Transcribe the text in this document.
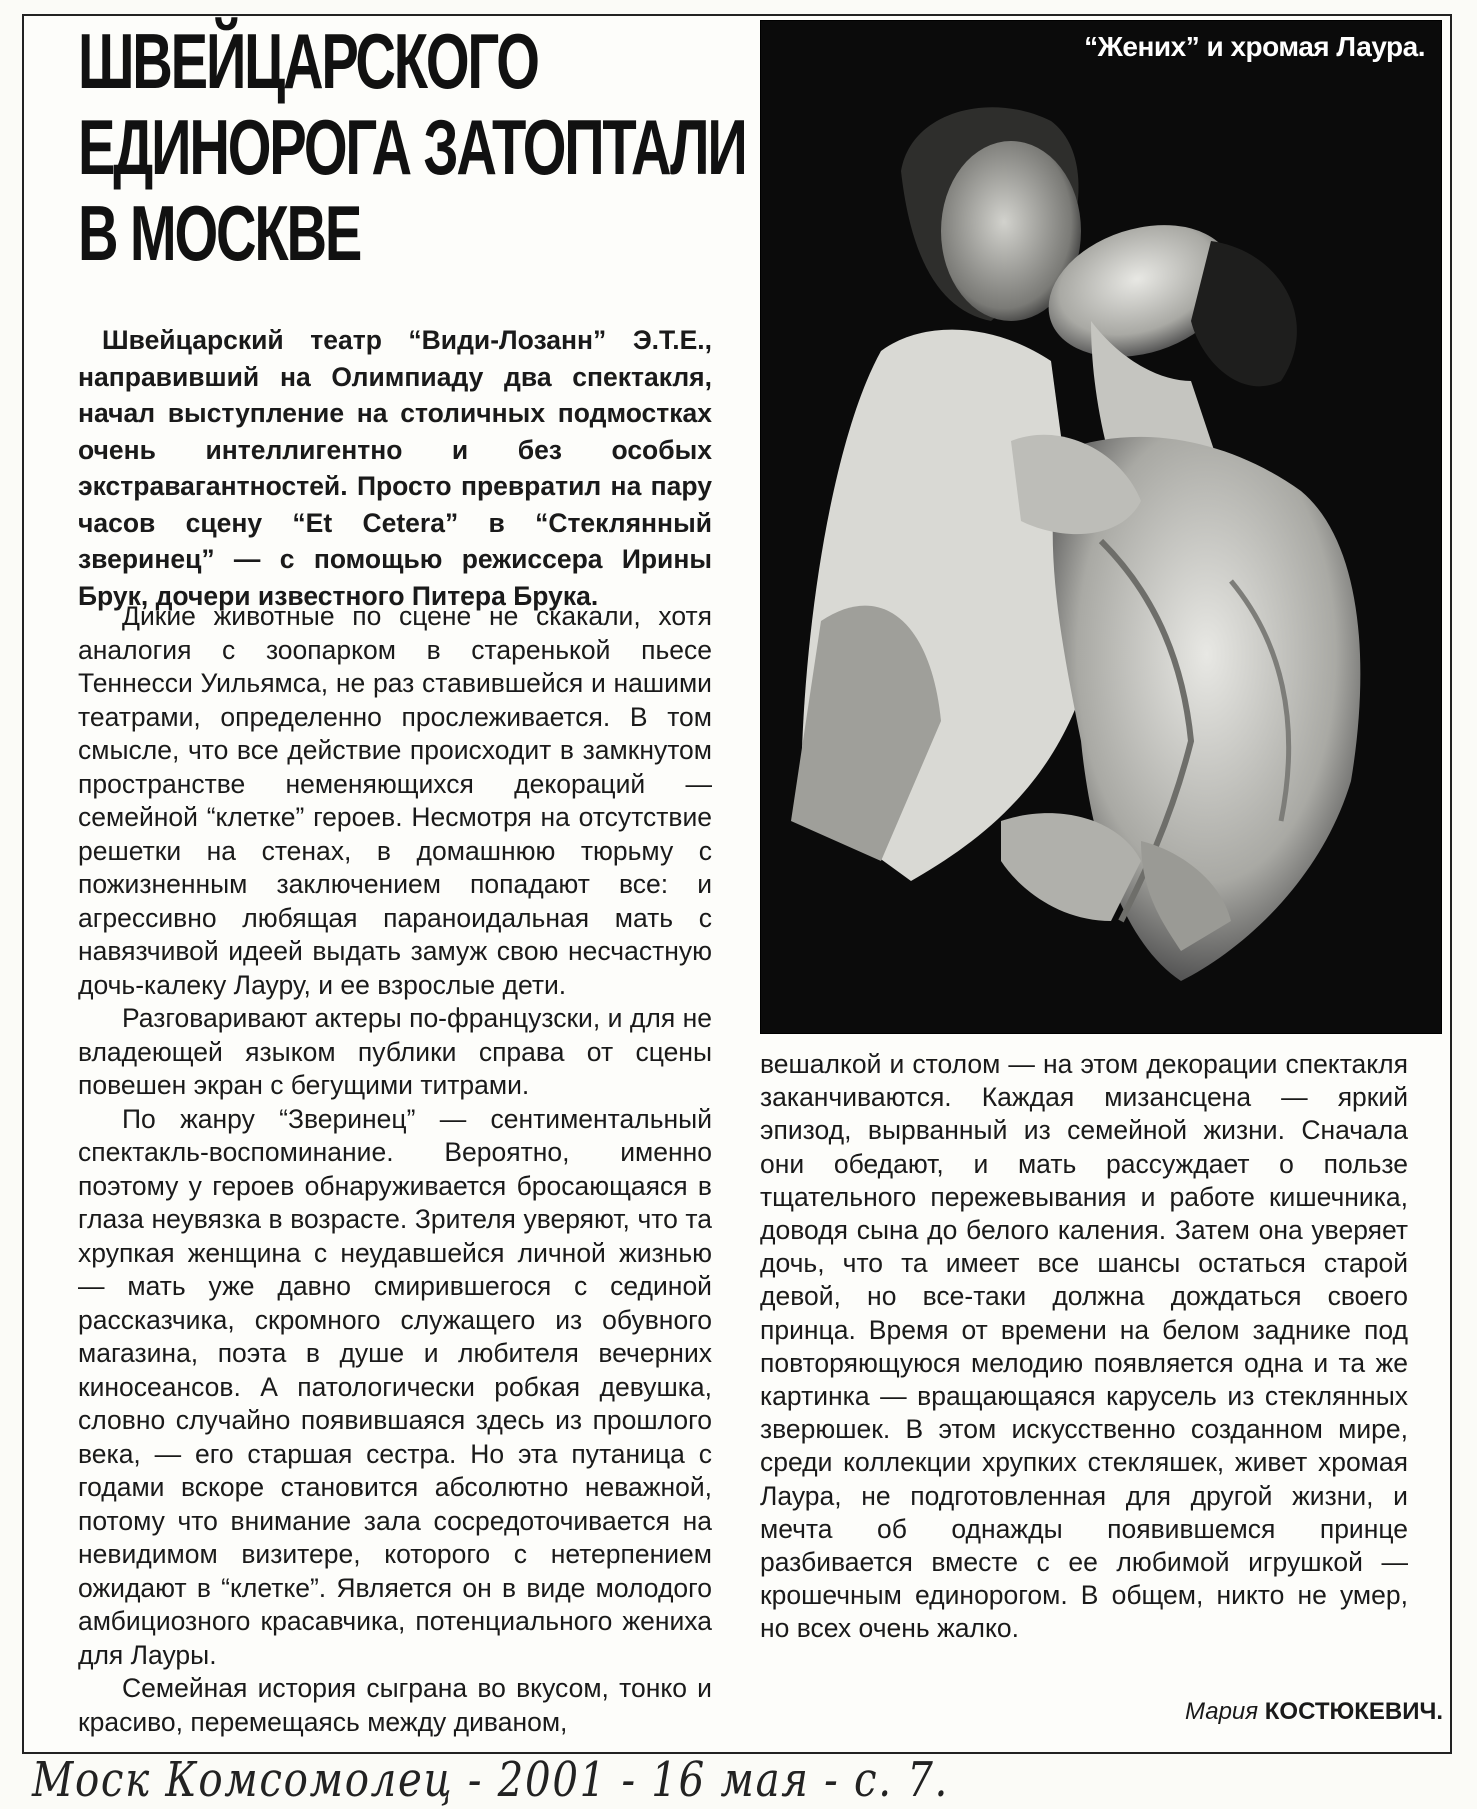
ШВЕЙЦАРСКОГО
ЕДИНОРОГА ЗАТОПТАЛИ
В МОСКВЕ

Швейцарский театр “Види-Лозанн” Э.Т.Е., направивший на Олимпиаду два спектакля, начал выступление на столичных подмостках очень интеллигентно и без особых экстравагантностей. Просто превратил на пару часов сцену “Et Cetera” в “Стеклянный зверинец” — с помощью режиссера Ирины Брук, дочери известного Питера Брука.

Дикие животные по сцене не скакали, хотя аналогия с зоопарком в старенькой пьесе Теннесси Уильямса, не раз ставившейся и нашими театрами, определенно прослеживается. В том смысле, что все действие происходит в замкнутом пространстве неменяющихся декораций — семейной “клетке” героев. Несмотря на отсутствие решетки на стенах, в домашнюю тюрьму с пожизненным заключением попадают все: и агрессивно любящая параноидальная мать с навязчивой идеей выдать замуж свою несчастную дочь-калеку Лауру, и ее взрослые дети.

Разговаривают актеры по-французски, и для не владеющей языком публики справа от сцены повешен экран с бегущими титрами.

По жанру “Зверинец” — сентиментальный спектакль-воспоминание. Вероятно, именно поэтому у героев обнаруживается бросающаяся в глаза неувязка в возрасте. Зрителя уверяют, что та хрупкая женщина с неудавшейся личной жизнью — мать уже давно смирившегося с сединой рассказчика, скромного служащего из обувного магазина, поэта в душе и любителя вечерних киносеансов. А патологически робкая девушка, словно случайно появившаяся здесь из прошлого века, — его старшая сестра. Но эта путаница с годами вскоре становится абсолютно неважной, потому что внимание зала сосредоточивается на невидимом визитере, которого с нетерпением ожидают в “клетке”. Является он в виде молодого амбициозного красавчика, потенциального жениха для Лауры.

Семейная история сыграна во вкусом, тонко и красиво, перемещаясь между диваном,

“Жених” и хромая Лаура.

вешалкой и столом — на этом декорации спектакля заканчиваются. Каждая мизансцена — яркий эпизод, вырванный из семейной жизни. Сначала они обедают, и мать рассуждает о пользе тщательного пережевывания и работе кишечника, доводя сына до белого каления. Затем она уверяет дочь, что та имеет все шансы остаться старой девой, но все-таки должна дождаться своего принца. Время от времени на белом заднике под повторяющуюся мелодию появляется одна и та же картинка — вращающаяся карусель из стеклянных зверюшек. В этом искусственно созданном мире, среди коллекции хрупких стекляшек, живет хромая Лаура, не подготовленная для другой жизни, и мечта об однажды появившемся принце разбивается вместе с ее любимой игрушкой — крошечным единорогом. В общем, никто не умер, но всех очень жалко.

Мария КОСТЮКЕВИЧ.
Моск Комсомолец - 2001 - 16 мая - с. 7.
